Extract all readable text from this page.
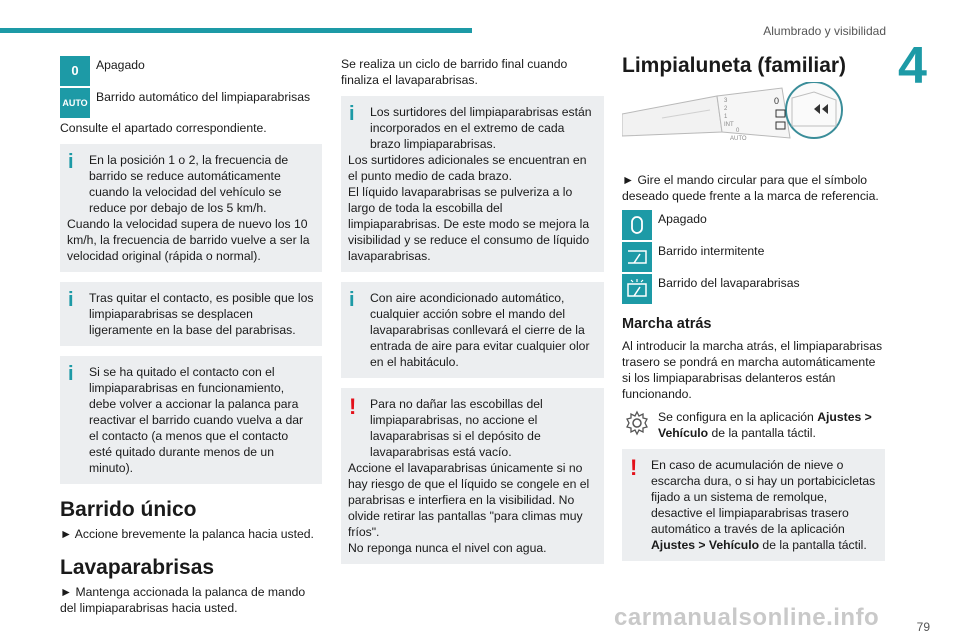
Alumbrado y visibilidad
4
0	Apagado
AUTO Barrido automático del limpiaparabrisas

Consulte el apartado correspondiente.

i	En la posición 1 o 2, la frecuencia de barrido se reduce automáticamente cuando la velocidad del vehículo se reduce por debajo de los 5 km/h.
Cuando la velocidad supera de nuevo los 10 km/h, la frecuencia de barrido vuelve a ser la velocidad original (rápida o normal).
i	Tras quitar el contacto, es posible que los limpiaparabrisas se desplacen ligeramente en la base del parabrisas.
i	Si se ha quitado el contacto con el limpiaparabrisas en funcionamiento, debe volver a accionar la palanca para reactivar el barrido cuando vuelva a dar el contacto (a menos que el contacto esté quitado durante menos de un minuto).
Barrido único

► Accione brevemente la palanca hacia usted.

Lavaparabrisas

► Mantenga accionada la palanca de mando del limpiaparabrisas hacia usted.

Se realiza un ciclo de barrido final cuando finaliza el lavaparabrisas.

i	Los surtidores del limpiaparabrisas están incorporados en el extremo de cada brazo limpiaparabrisas.
Los surtidores adicionales se encuentran en el punto medio de cada brazo.
El líquido lavaparabrisas se pulveriza a lo largo de toda la escobilla del limpiaparabrisas. De este modo se mejora la visibilidad y se reduce el consumo de líquido lavaparabrisas.
i	Con aire acondicionado automático, cualquier acción sobre el mando del lavaparabrisas conllevará el cierre de la entrada de aire para evitar cualquier olor en el habitáculo.
!	Para no dañar las escobillas del limpiaparabrisas, no accione el lavaparabrisas si el depósito de lavaparabrisas está vacío.
Accione el lavaparabrisas únicamente si no hay riesgo de que el líquido se congele en el parabrisas e interfiera en la visibilidad. No olvide retirar las pantallas "para climas muy fríos".
No reponga nunca el nivel con agua.
Limpialuneta (familiar)
3
2
1
INT
0
AUTO
0

► Gire el mando circular para que el símbolo deseado quede frente a la marca de referencia.

Apagado
Barrido intermitente
Barrido del lavaparabrisas
Marcha atrás

Al introducir la marcha atrás, el limpiaparabrisas trasero se pondrá en marcha automáticamente si los limpiaparabrisas delanteros están funcionando.

Se configura en la aplicación Ajustes > Vehículo de la pantalla táctil.
!	En caso de acumulación de nieve o escarcha dura, o si hay un portabicicletas fijado a un sistema de remolque, desactive el limpiaparabrisas trasero automático a través de la aplicación Ajustes > Vehículo de la pantalla táctil.
79
carmanualsonline.info
